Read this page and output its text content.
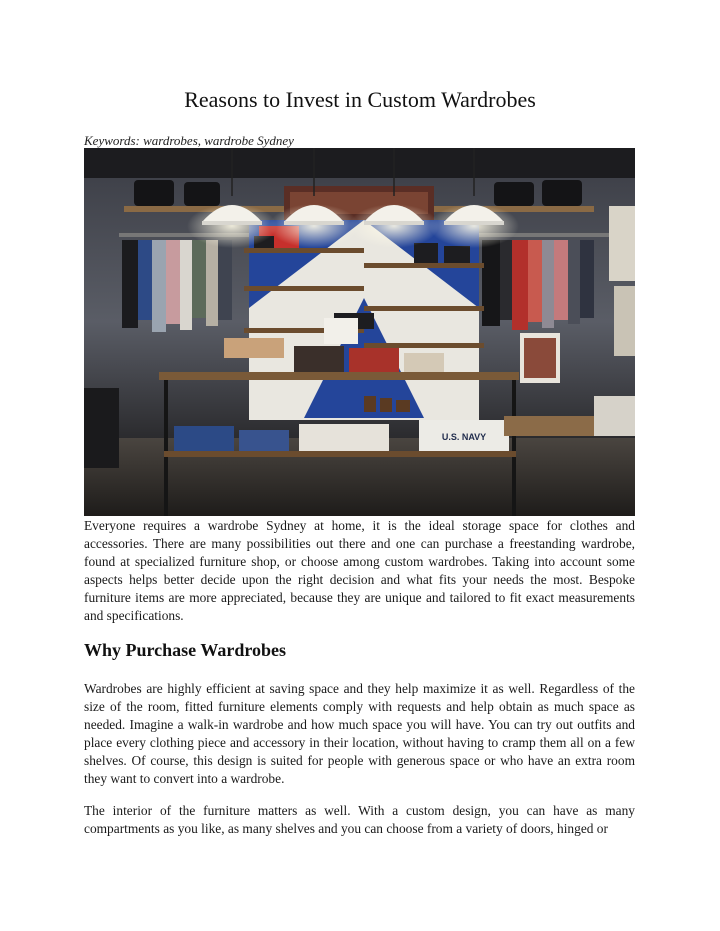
Reasons to Invest in Custom Wardrobes
Keywords: wardrobes, wardrobe Sydney
U.S. NAVY

Everyone requires a wardrobe Sydney at home, it is the ideal storage space for clothes and accessories. There are many possibilities out there and one can purchase a freestanding wardrobe, found at specialized furniture shop, or choose among custom wardrobes. Taking into account some aspects helps better decide upon the right decision and what fits your needs the most. Bespoke furniture items are more appreciated, because they are unique and tailored to fit exact measurements and specifications.

Why Purchase Wardrobes

Wardrobes are highly efficient at saving space and they help maximize it as well. Regardless of the size of the room, fitted furniture elements comply with requests and help obtain as much space as needed. Imagine a walk-in wardrobe and how much space you will have. You can try out outfits and place every clothing piece and accessory in their location, without having to cramp them all on a few shelves. Of course, this design is suited for people with generous space or who have an extra room they want to convert into a wardrobe.

The interior of the furniture matters as well. With a custom design, you can have as many compartments as you like, as many shelves and you can choose from a variety of doors, hinged or
